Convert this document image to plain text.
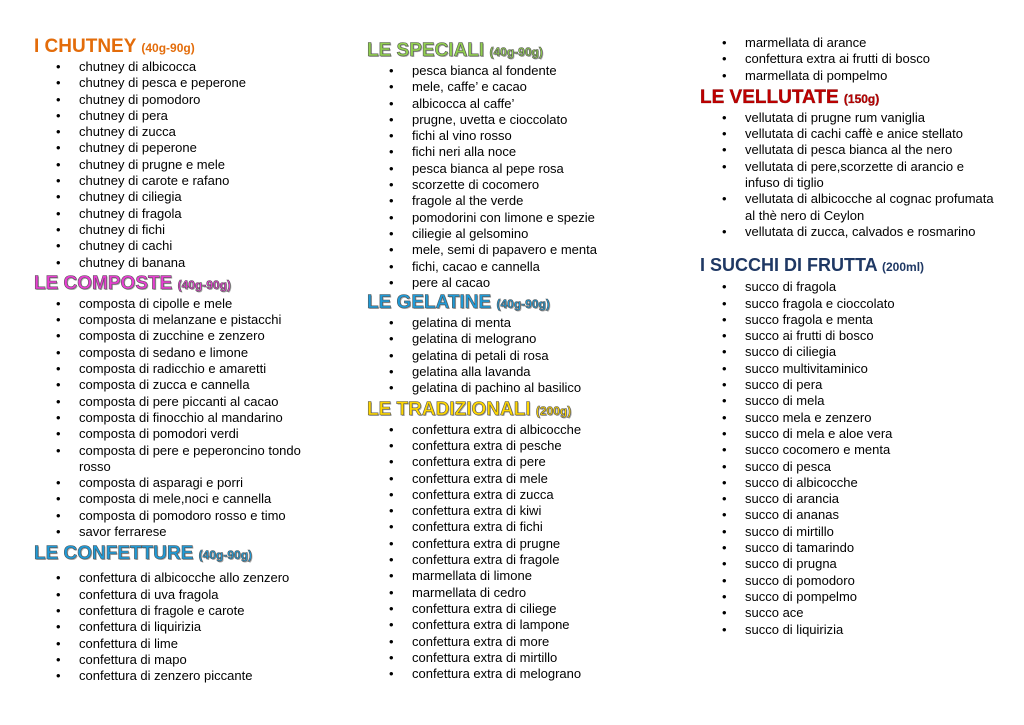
I CHUTNEY (40g-90g)
• chutney di albicocca
• chutney di pesca e peperone
• chutney di pomodoro
• chutney di pera
• chutney di zucca
• chutney di peperone
• chutney di prugne e mele
• chutney di carote e rafano
• chutney di ciliegia
• chutney di fragola
• chutney di fichi
• chutney di cachi
• chutney di banana
LE COMPOSTE (40g-90g)
• composta di cipolle e mele
• composta di melanzane e pistacchi
• composta di zucchine e zenzero
• composta di sedano e limone
• composta di radicchio e amaretti
• composta di zucca e cannella
• composta di pere piccanti al cacao
• composta di finocchio al mandarino
• composta di pomodori verdi
• composta di pere e peperoncino tondo rosso
• composta di asparagi e porri
• composta di mele,noci e cannella
• composta di pomodoro rosso e timo
• savor ferrarese
LE CONFETTURE (40g-90g)
• confettura di albicocche allo zenzero
• confettura di uva fragola
• confettura di fragole e carote
• confettura di liquirizia
• confettura di lime
• confettura di mapo
• confettura di zenzero piccante
LE SPECIALI (40g-90g)
• pesca bianca al fondente
• mele, caffe’ e cacao
• albicocca al caffe’
• prugne, uvetta e cioccolato
• fichi al vino rosso
• fichi neri alla noce
• pesca bianca al pepe rosa
• scorzette di cocomero
• fragole al the verde
• pomodorini con limone e spezie
• ciliegie al gelsomino
• mele, semi di papavero e menta
• fichi, cacao e cannella
• pere al cacao
LE GELATINE (40g-90g)
• gelatina di menta
• gelatina di melograno
• gelatina di petali di rosa
• gelatina alla lavanda
• gelatina di pachino al basilico
LE TRADIZIONALI (200g)
• confettura extra di albicocche
• confettura extra di pesche
• confettura extra di pere
• confettura extra di mele
• confettura extra di zucca
• confettura extra di kiwi
• confettura extra di fichi
• confettura extra di prugne
• confettura extra di fragole
• marmellata di limone
• marmellata di cedro
• confettura extra di ciliege
• confettura extra di lampone
• confettura extra di more
• confettura extra di mirtillo
• confettura extra di melograno
• marmellata di arance
• confettura extra ai frutti di bosco
• marmellata di pompelmo
LE VELLUTATE (150g)
• vellutata di prugne rum vaniglia
• vellutata di cachi caffè e anice stellato
• vellutata di pesca bianca al the nero
• vellutata di pere,scorzette di arancio e infuso di tiglio
• vellutata di albicocche al cognac profumata al thè nero di Ceylon
• vellutata di zucca, calvados e rosmarino
I SUCCHI DI FRUTTA (200ml)
• succo di fragola
• succo fragola e cioccolato
• succo fragola e menta
• succo ai frutti di bosco
• succo di ciliegia
• succo multivitaminico
• succo di pera
• succo di mela
• succo mela e zenzero
• succo di mela e aloe vera
• succo cocomero e menta
• succo di pesca
• succo di albicocche
• succo di arancia
• succo di ananas
• succo di mirtillo
• succo di tamarindo
• succo di prugna
• succo di pomodoro
• succo di pompelmo
• succo ace
• succo di liquirizia
